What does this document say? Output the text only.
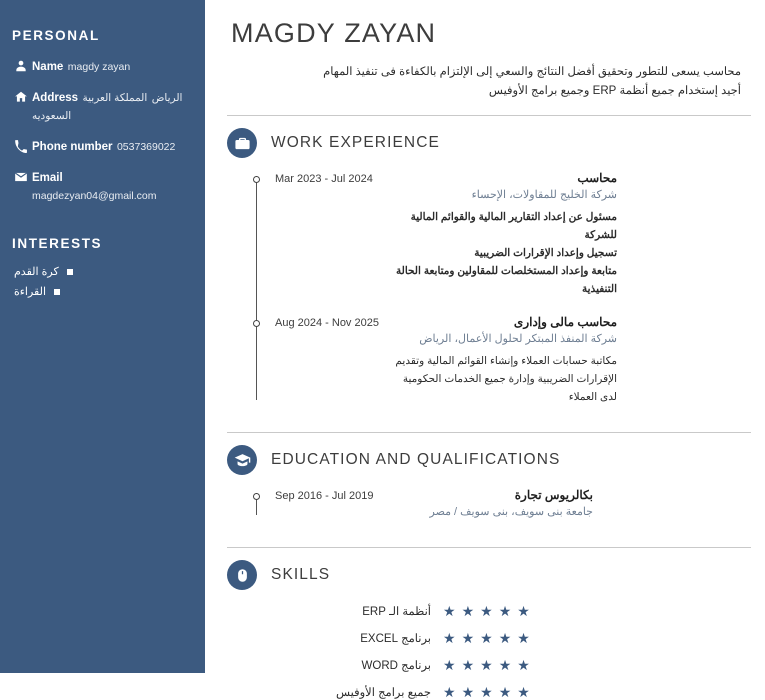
PERSONAL
Name magdy zayan
Address	الرياض المملكة العربية السعوديه
Phone number 0537369022
Email magdezyan04@gmail.com
INTERESTS
كرة القدم
القراءة
MAGDY ZAYAN
محاسب يسعى للتطور وتحقيق أفضل النتائج والسعي إلى الإلتزام بالكفاءة فى تنفيذ المهام
أجيد إستخدام جميع أنظمة ERP وجميع برامج الأوفيس
WORK EXPERIENCE
Mar 2023 - Jul 2024	محاسب
شركة الخليج للمقاولات، الإحساء
مسئول عن إعداد التقارير المالية والقوائم المالية للشركة
تسجيل وإعداد الإقرارات الضريبية
متابعة وإعداد المستخلصات للمقاولين ومتابعة الحالة التنفيذية
Aug 2024 - Nov 2025	محاسب مالى وإدارى
شركة المنفذ المبتكر لحلول الأعمال، الرياض
مكاتبة حسابات العملاء وإنشاء القوائم المالية وتقديم الإقرارات الضريبية وإدارة جميع الخدمات الحكومية
لدى العملاء
EDUCATION AND QUALIFICATIONS
Sep 2016 - Jul 2019	بكالريوس تجارة
جامعة بنى سويف، بنى سويف / مصر
SKILLS
أنظمة الـ ERP ★ ★ ★ ★ ★
برنامج EXCEL ★ ★ ★ ★ ★
برنامج WORD ★ ★ ★ ★ ★
جميع برامج الأوفيس ★ ★ ★ ★ ★
